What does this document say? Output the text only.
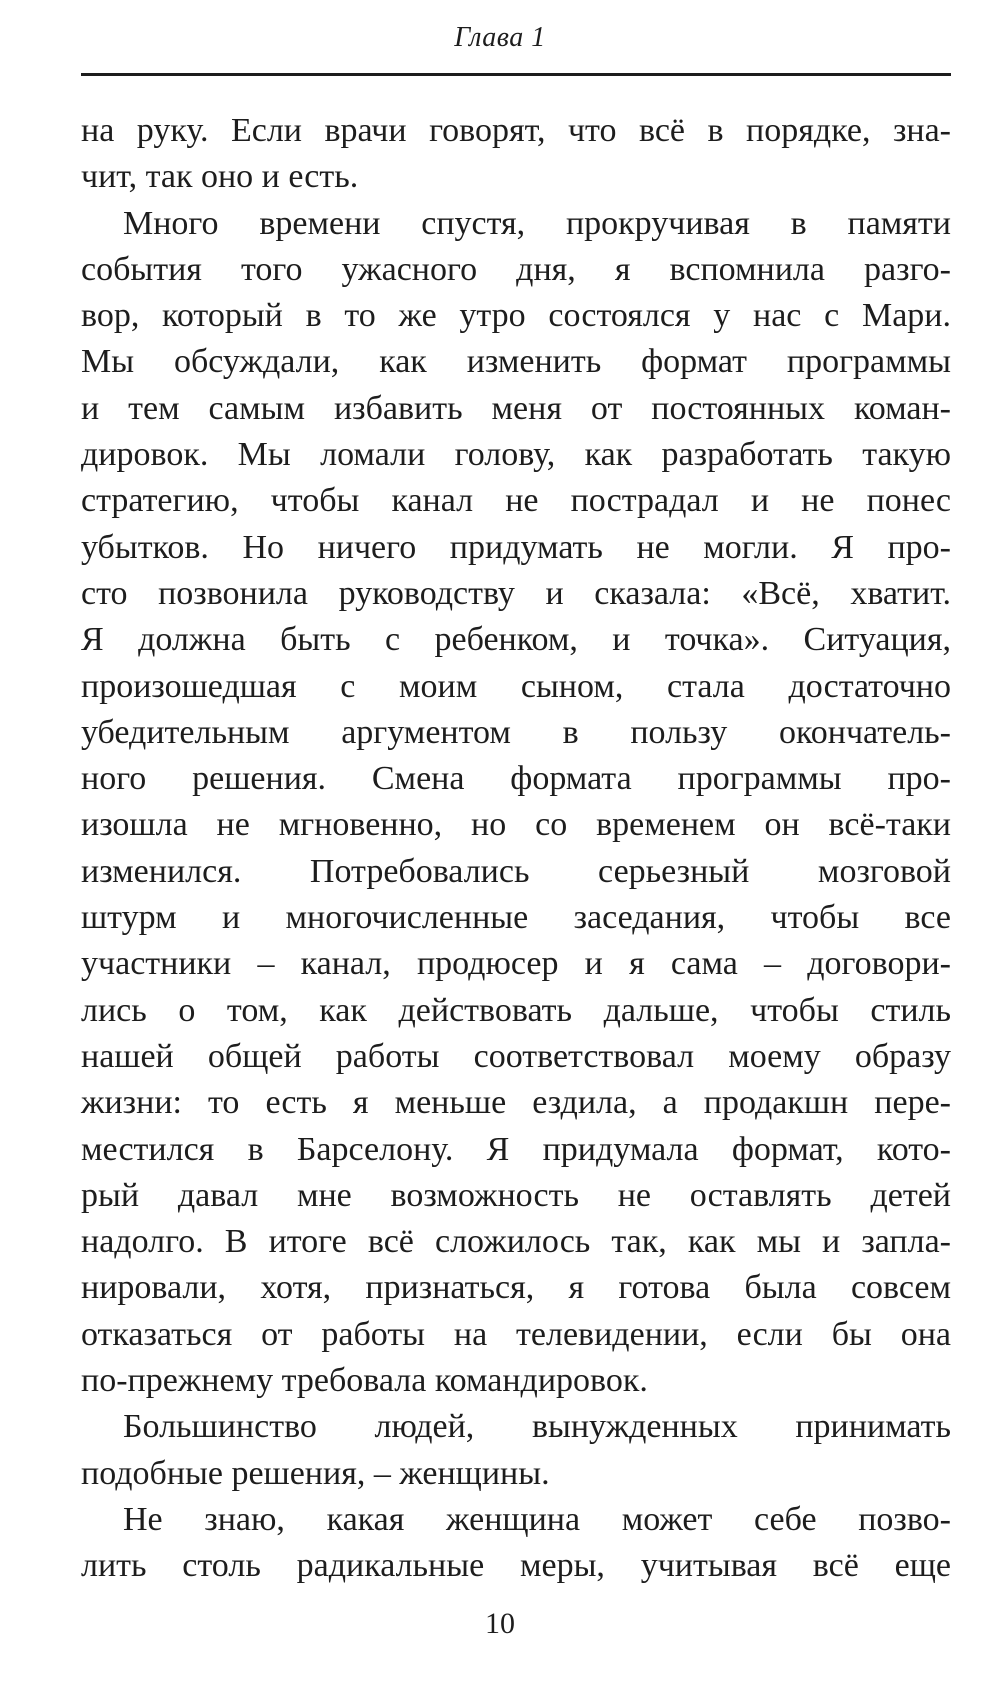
Глава 1
на руку. Если врачи говорят, что всё в порядке, зна-
чит, так оно и есть.
Много времени спустя, прокручивая в памяти
события того ужасного дня, я вспомнила разго-
вор, который в то же утро состоялся у нас с Мари.
Мы обсуждали, как изменить формат программы
и тем самым избавить меня от постоянных коман-
дировок. Мы ломали голову, как разработать такую
стратегию, чтобы канал не пострадал и не понес
убытков. Но ничего придумать не могли. Я про-
сто позвонила руководству и сказала: «Всё, хватит.
Я должна быть с ребенком, и точка». Ситуация,
произошедшая с моим сыном, стала достаточно
убедительным аргументом в пользу окончатель-
ного решения. Смена формата программы про-
изошла не мгновенно, но со временем он всё-таки
изменился. Потребовались серьезный мозговой
штурм и многочисленные заседания, чтобы все
участники – канал, продюсер и я сама – договори-
лись о том, как действовать дальше, чтобы стиль
нашей общей работы соответствовал моему образу
жизни: то есть я меньше ездила, а продакшн пере-
местился в Барселону. Я придумала формат, кото-
рый давал мне возможность не оставлять детей
надолго. В итоге всё сложилось так, как мы и запла-
нировали, хотя, признаться, я готова была совсем
отказаться от работы на телевидении, если бы она
по-прежнему требовала командировок.
Большинство людей, вынужденных принимать
подобные решения, – женщины.
Не знаю, какая женщина может себе позво-
лить столь радикальные меры, учитывая всё еще
10
